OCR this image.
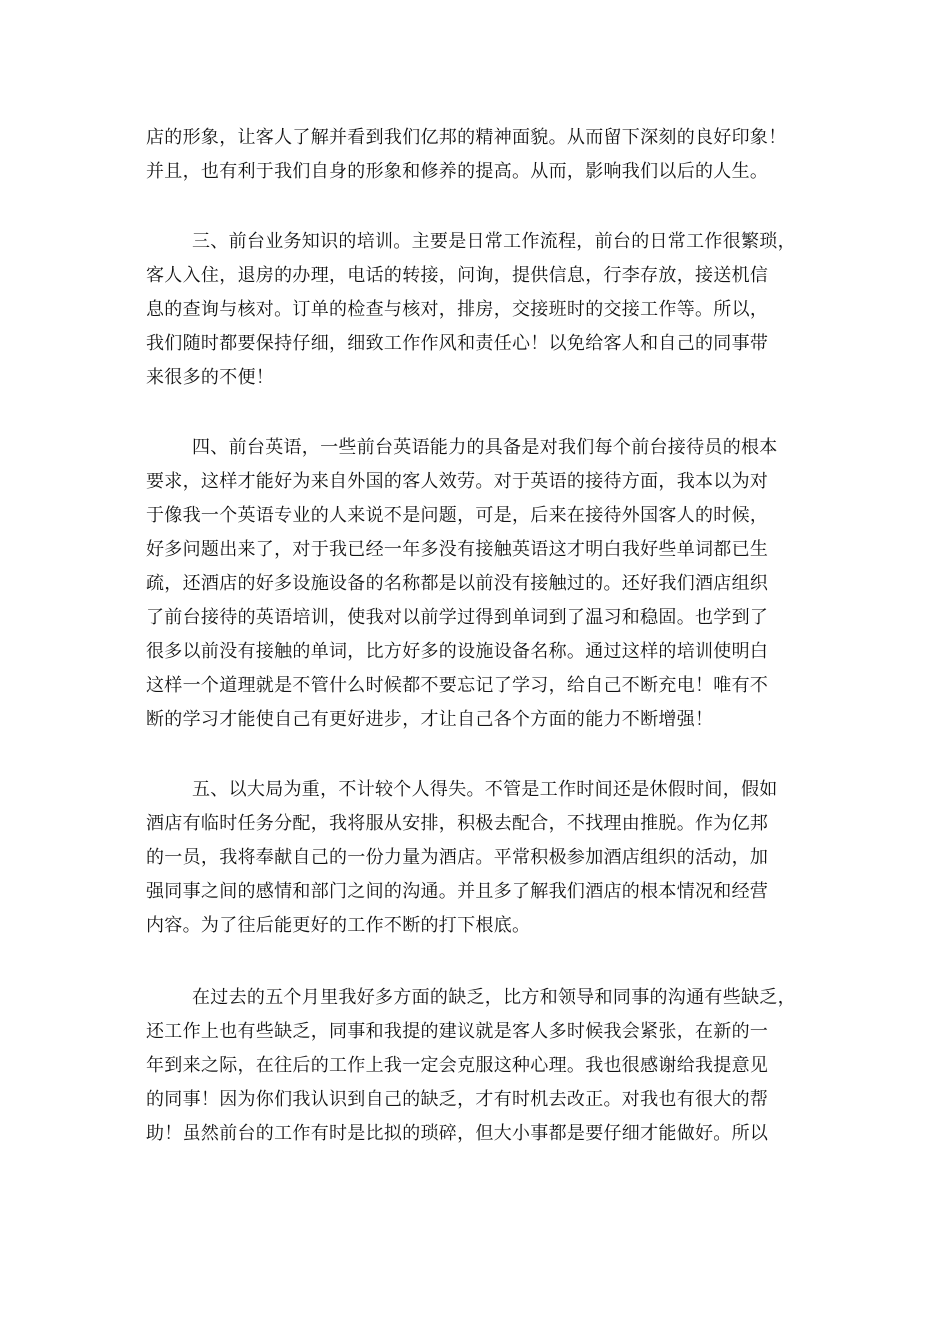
店的形象，让客人了解并看到我们亿邦的精神面貌。从而留下深刻的良好印象！
并且，也有利于我们自身的形象和修养的提高。从而，影响我们以后的人生。
三、前台业务知识的培训。主要是日常工作流程，前台的日常工作很繁琐，
客人入住，退房的办理，电话的转接，问询，提供信息，行李存放，接送机信
息的查询与核对。订单的检查与核对，排房，交接班时的交接工作等。所以，
我们随时都要保持仔细，细致工作作风和责任心！以免给客人和自己的同事带
来很多的不便！
四、前台英语，一些前台英语能力的具备是对我们每个前台接待员的根本
要求，这样才能好为来自外国的客人效劳。对于英语的接待方面，我本以为对
于像我一个英语专业的人来说不是问题，可是，后来在接待外国客人的时候，
好多问题出来了，对于我已经一年多没有接触英语这才明白我好些单词都已生
疏，还酒店的好多设施设备的名称都是以前没有接触过的。还好我们酒店组织
了前台接待的英语培训，使我对以前学过得到单词到了温习和稳固。也学到了
很多以前没有接触的单词，比方好多的设施设备名称。通过这样的培训使明白
这样一个道理就是不管什么时候都不要忘记了学习，给自己不断充电！唯有不
断的学习才能使自己有更好进步，才让自己各个方面的能力不断增强！
五、以大局为重，不计较个人得失。不管是工作时间还是休假时间，假如
酒店有临时任务分配，我将服从安排，积极去配合，不找理由推脱。作为亿邦
的一员，我将奉献自己的一份力量为酒店。平常积极参加酒店组织的活动，加
强同事之间的感情和部门之间的沟通。并且多了解我们酒店的根本情况和经营
内容。为了往后能更好的工作不断的打下根底。
在过去的五个月里我好多方面的缺乏，比方和领导和同事的沟通有些缺乏，
还工作上也有些缺乏，同事和我提的建议就是客人多时候我会紧张，在新的一
年到来之际，在往后的工作上我一定会克服这种心理。我也很感谢给我提意见
的同事！因为你们我认识到自己的缺乏，才有时机去改正。对我也有很大的帮
助！虽然前台的工作有时是比拟的琐碎，但大小事都是要仔细才能做好。所以
